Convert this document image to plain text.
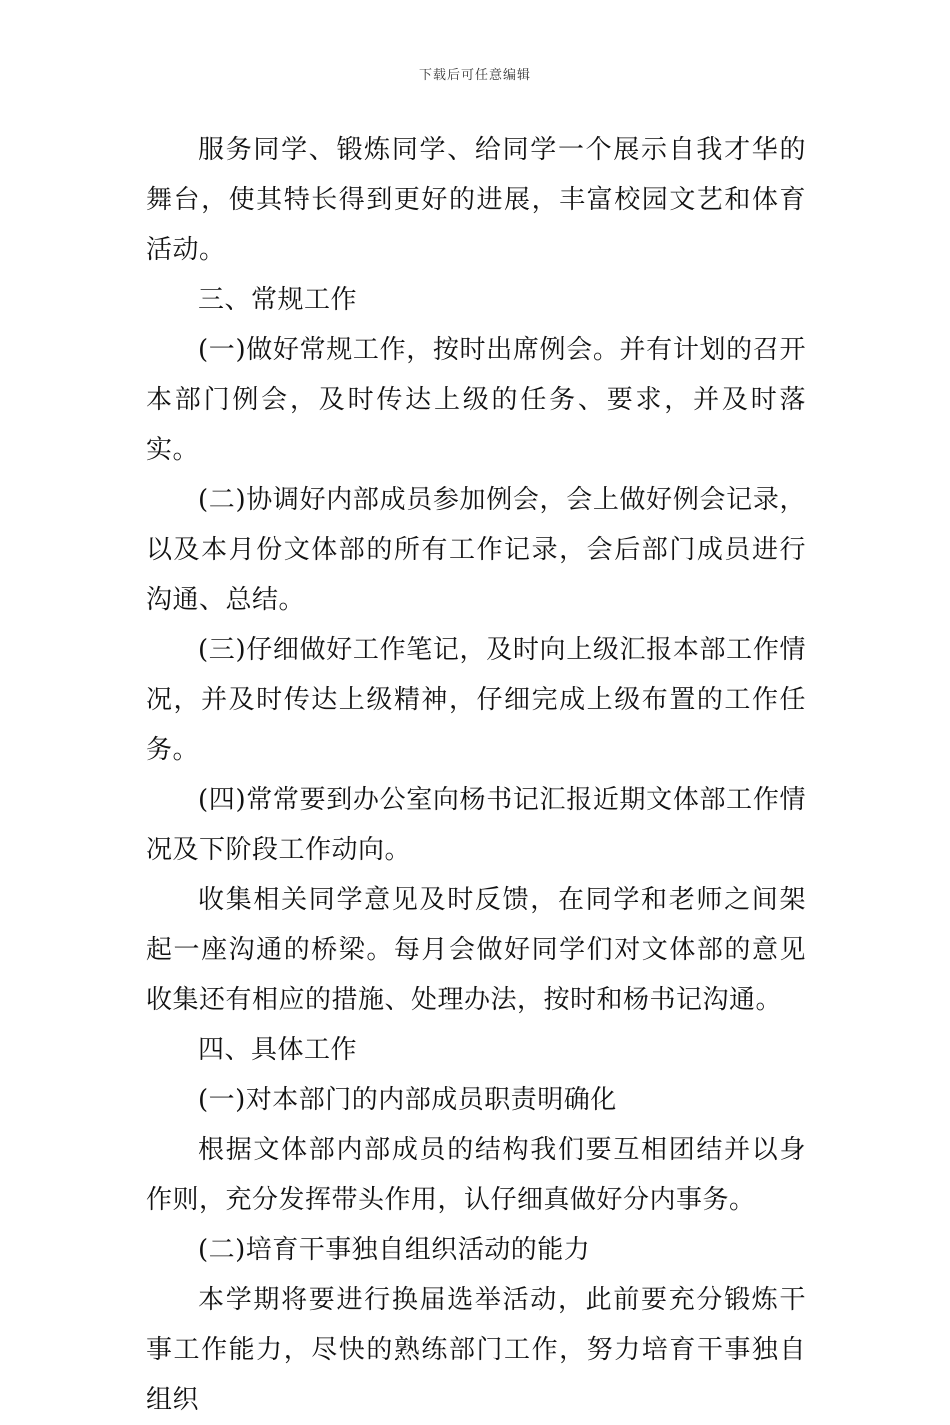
下载后可任意编辑

服务同学、锻炼同学、给同学一个展示自我才华的舞台，使其特长得到更好的进展，丰富校园文艺和体育活动。

三、常规工作

(一)做好常规工作，按时出席例会。并有计划的召开本部门例会，及时传达上级的任务、要求，并及时落实。

(二)协调好内部成员参加例会，会上做好例会记录，以及本月份文体部的所有工作记录，会后部门成员进行沟通、总结。

(三)仔细做好工作笔记，及时向上级汇报本部工作情况，并及时传达上级精神，仔细完成上级布置的工作任务。

(四)常常要到办公室向杨书记汇报近期文体部工作情况及下阶段工作动向。

收集相关同学意见及时反馈，在同学和老师之间架起一座沟通的桥梁。每月会做好同学们对文体部的意见收集还有相应的措施、处理办法，按时和杨书记沟通。

四、具体工作

(一)对本部门的内部成员职责明确化

根据文体部内部成员的结构我们要互相团结并以身作则，充分发挥带头作用，认仔细真做好分内事务。

(二)培育干事独自组织活动的能力

本学期将要进行换届选举活动，此前要充分锻炼干事工作能力，尽快的熟练部门工作，努力培育干事独自组织
